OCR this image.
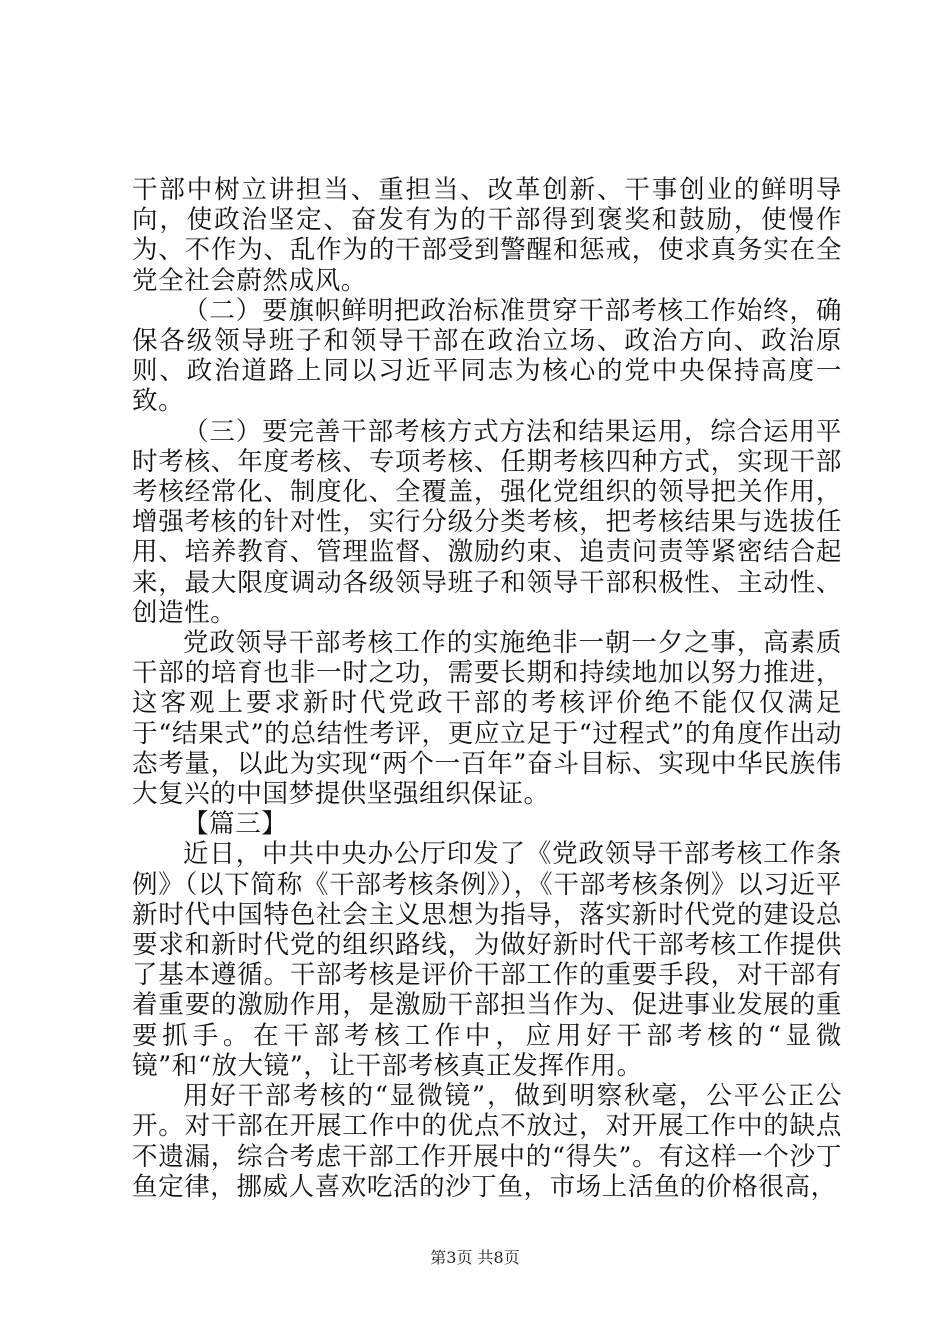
干部中树立讲担当、重担当、改革创新、干事创业的鲜明导向，使政治坚定、奋发有为的干部得到褒奖和鼓励，使慢作为、不作为、乱作为的干部受到警醒和惩戒，使求真务实在全党全社会蔚然成风。

（二）要旗帜鲜明把政治标准贯穿干部考核工作始终，确保各级领导班子和领导干部在政治立场、政治方向、政治原则、政治道路上同以习近平同志为核心的党中央保持高度一致。

（三）要完善干部考核方式方法和结果运用，综合运用平时考核、年度考核、专项考核、任期考核四种方式，实现干部考核经常化、制度化、全覆盖，强化党组织的领导把关作用，增强考核的针对性，实行分级分类考核，把考核结果与选拔任用、培养教育、管理监督、激励约束、追责问责等紧密结合起来，最大限度调动各级领导班子和领导干部积极性、主动性、创造性。

党政领导干部考核工作的实施绝非一朝一夕之事，高素质干部的培育也非一时之功，需要长期和持续地加以努力推进，这客观上要求新时代党政干部的考核评价绝不能仅仅满足于“结果式”的总结性考评，更应立足于“过程式”的角度作出动态考量，以此为实现“两个一百年”奋斗目标、实现中华民族伟大复兴的中国梦提供坚强组织保证。

【篇三】

近日，中共中央办公厅印发了《党政领导干部考核工作条例》（以下简称《干部考核条例》），《干部考核条例》以习近平新时代中国特色社会主义思想为指导，落实新时代党的建设总要求和新时代党的组织路线，为做好新时代干部考核工作提供了基本遵循。干部考核是评价干部工作的重要手段，对干部有着重要的激励作用，是激励干部担当作为、促进事业发展的重要抓手。在干部考核工作中，应用好干部考核的“显微镜”和“放大镜”，让干部考核真正发挥作用。

用好干部考核的“显微镜”，做到明察秋毫，公平公正公开。对干部在开展工作中的优点不放过，对开展工作中的缺点不遗漏，综合考虑干部工作开展中的“得失”。有这样一个沙丁鱼定律，挪威人喜欢吃活的沙丁鱼，市场上活鱼的价格很高，

第3页 共8页
